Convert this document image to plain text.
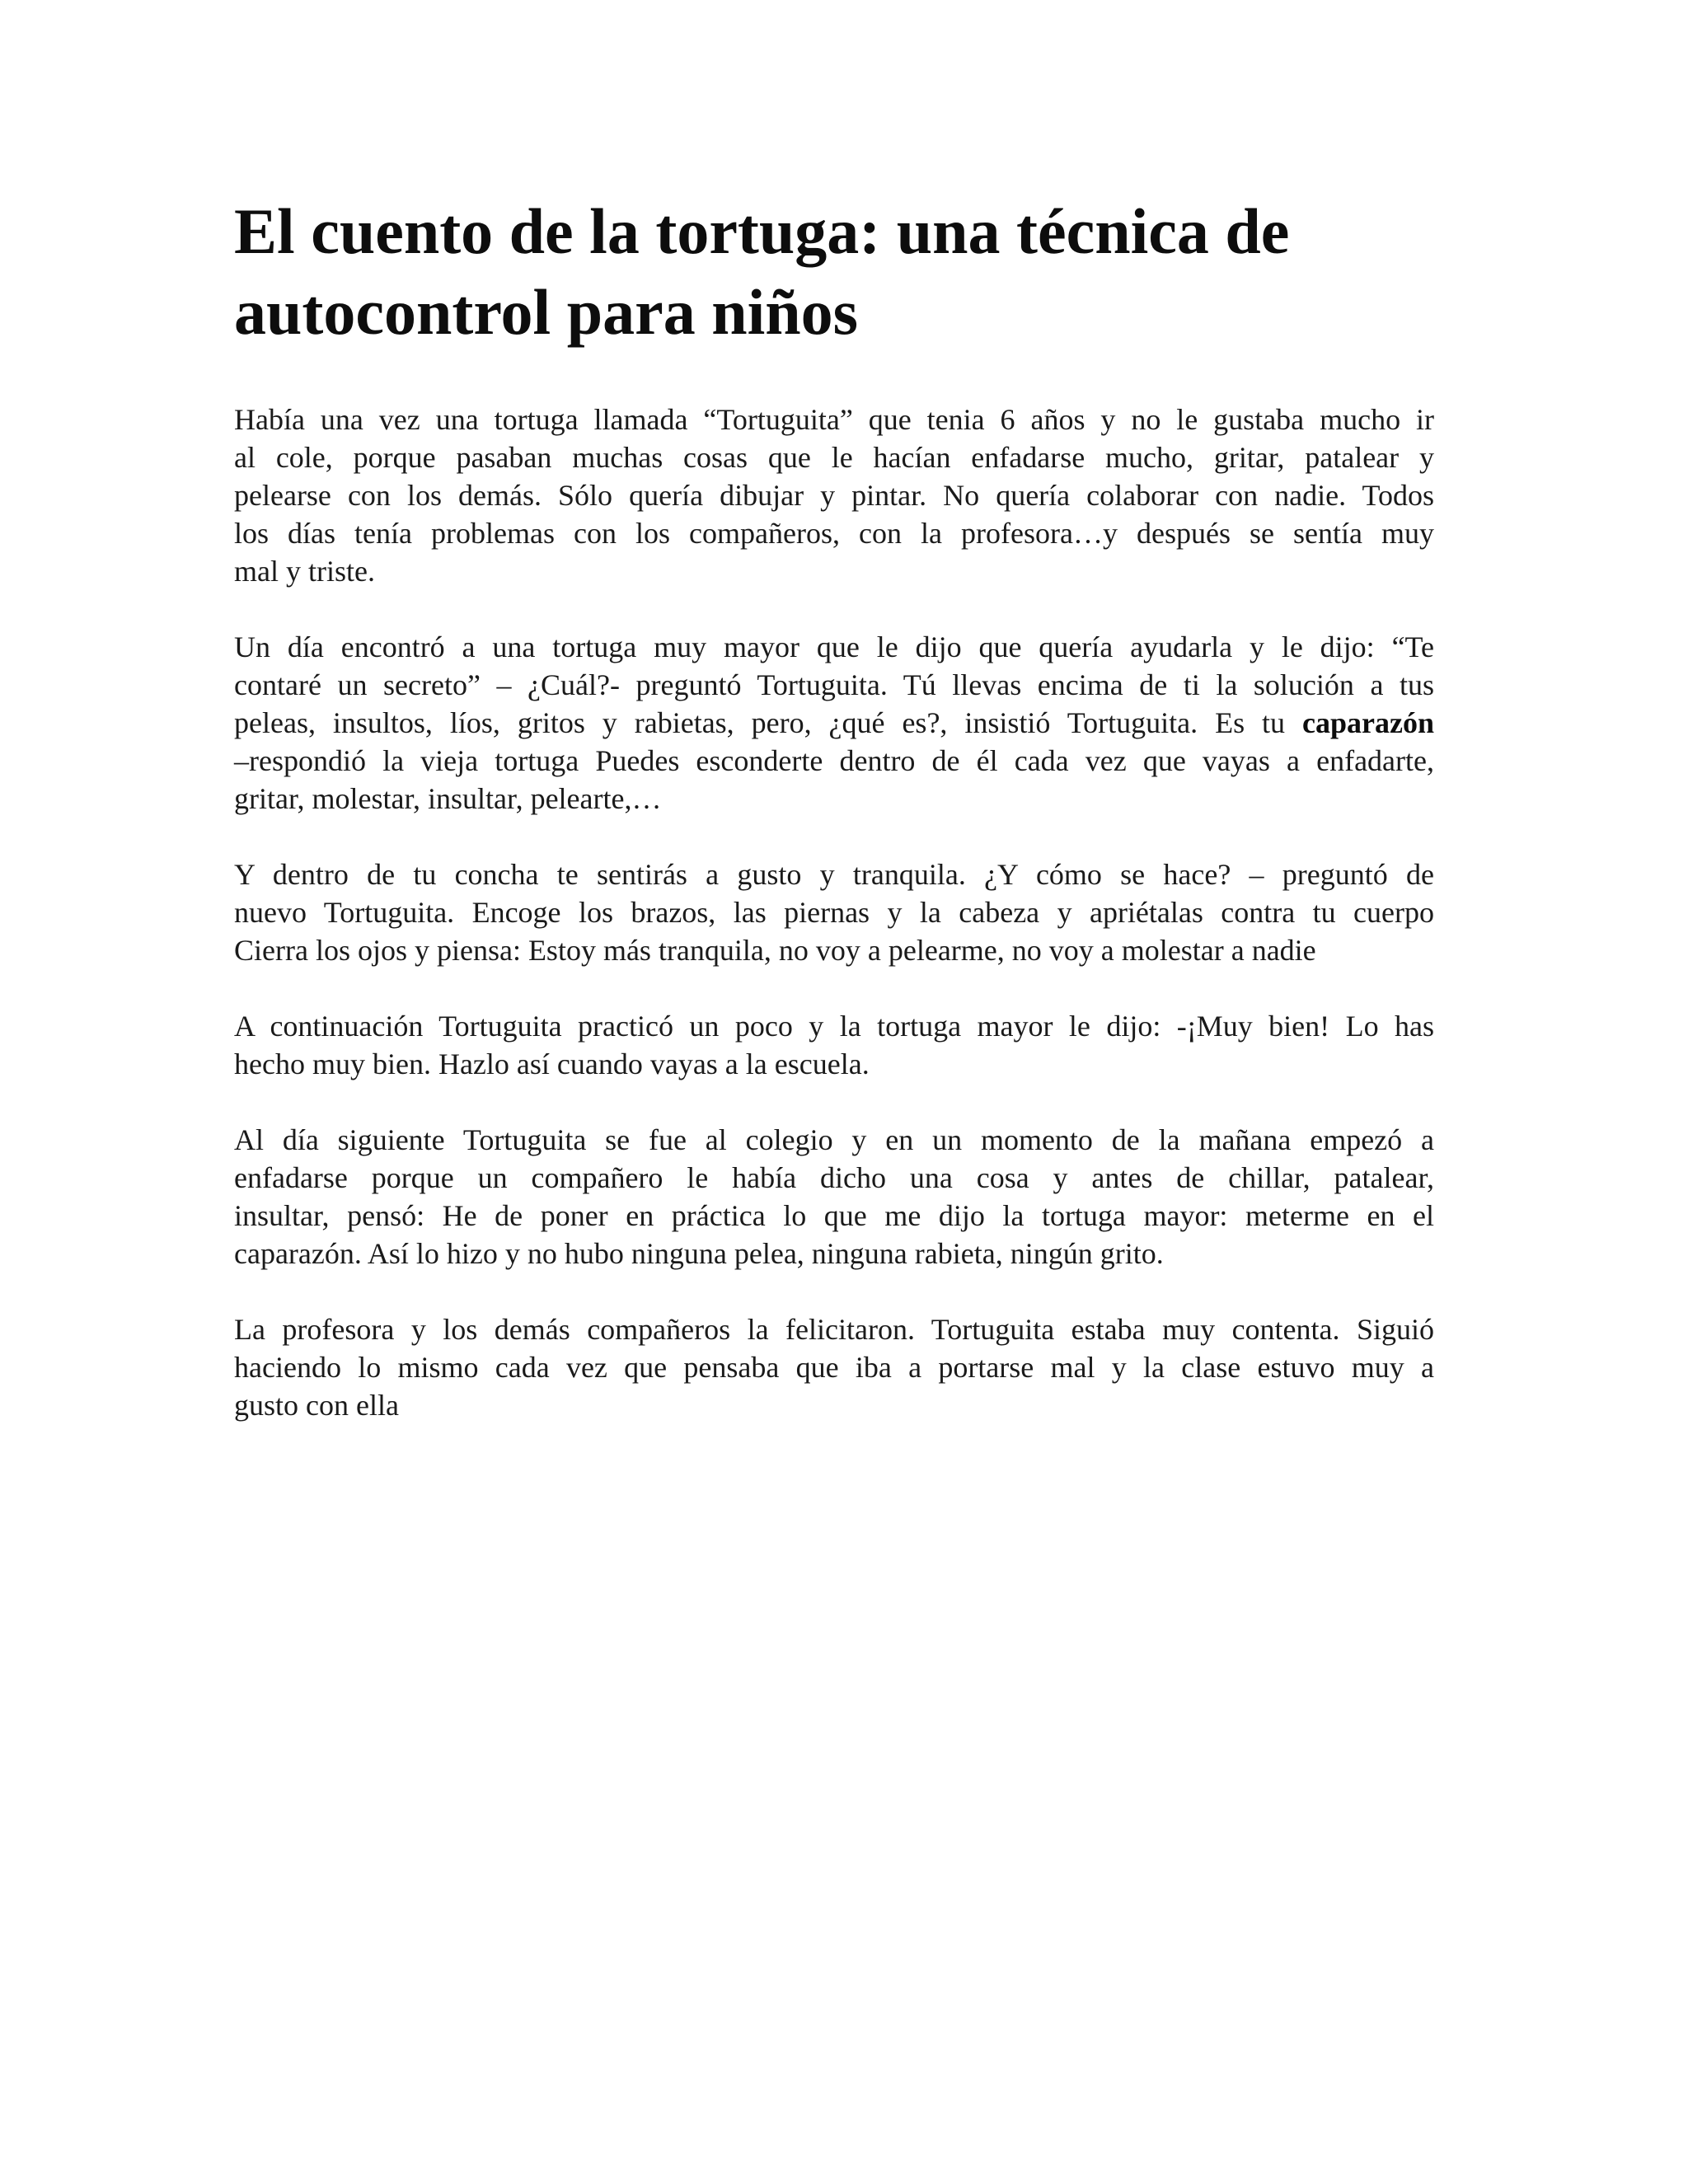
El cuento de la tortuga: una técnica de
autocontrol para niños

Había una vez una tortuga llamada “Tortuguita” que tenia 6 años y no le gustaba mucho ir
al cole, porque pasaban muchas cosas que le hacían enfadarse mucho, gritar, patalear y
pelearse con los demás. Sólo quería dibujar y pintar. No quería colaborar con nadie. Todos
los días tenía problemas con los compañeros, con la profesora…y después se sentía muy
mal y triste.

Un día encontró a una tortuga muy mayor que le dijo que quería ayudarla y le dijo: “Te
contaré un secreto” – ¿Cuál?- preguntó Tortuguita. Tú llevas encima de ti la solución a tus
peleas, insultos, líos, gritos y rabietas, pero, ¿qué es?, insistió Tortuguita. Es tu caparazón
–respondió la vieja tortuga Puedes esconderte dentro de él cada vez que vayas a enfadarte,
gritar, molestar, insultar, pelearte,…

Y dentro de tu concha te sentirás a gusto y tranquila. ¿Y cómo se hace? – preguntó de
nuevo Tortuguita. Encoge los brazos, las piernas y la cabeza y apriétalas contra tu cuerpo
Cierra los ojos y piensa: Estoy más tranquila, no voy a pelearme, no voy a molestar a nadie

A continuación Tortuguita practicó un poco y la tortuga mayor le dijo: -¡Muy bien! Lo has
hecho muy bien. Hazlo así cuando vayas a la escuela.

Al día siguiente Tortuguita se fue al colegio y en un momento de la mañana empezó a
enfadarse porque un compañero le había dicho una cosa y antes de chillar, patalear,
insultar, pensó: He de poner en práctica lo que me dijo la tortuga mayor: meterme en el
caparazón. Así lo hizo y no hubo ninguna pelea, ninguna rabieta, ningún grito.

La profesora y los demás compañeros la felicitaron. Tortuguita estaba muy contenta. Siguió
haciendo lo mismo cada vez que pensaba que iba a portarse mal y la clase estuvo muy a
gusto con ella
